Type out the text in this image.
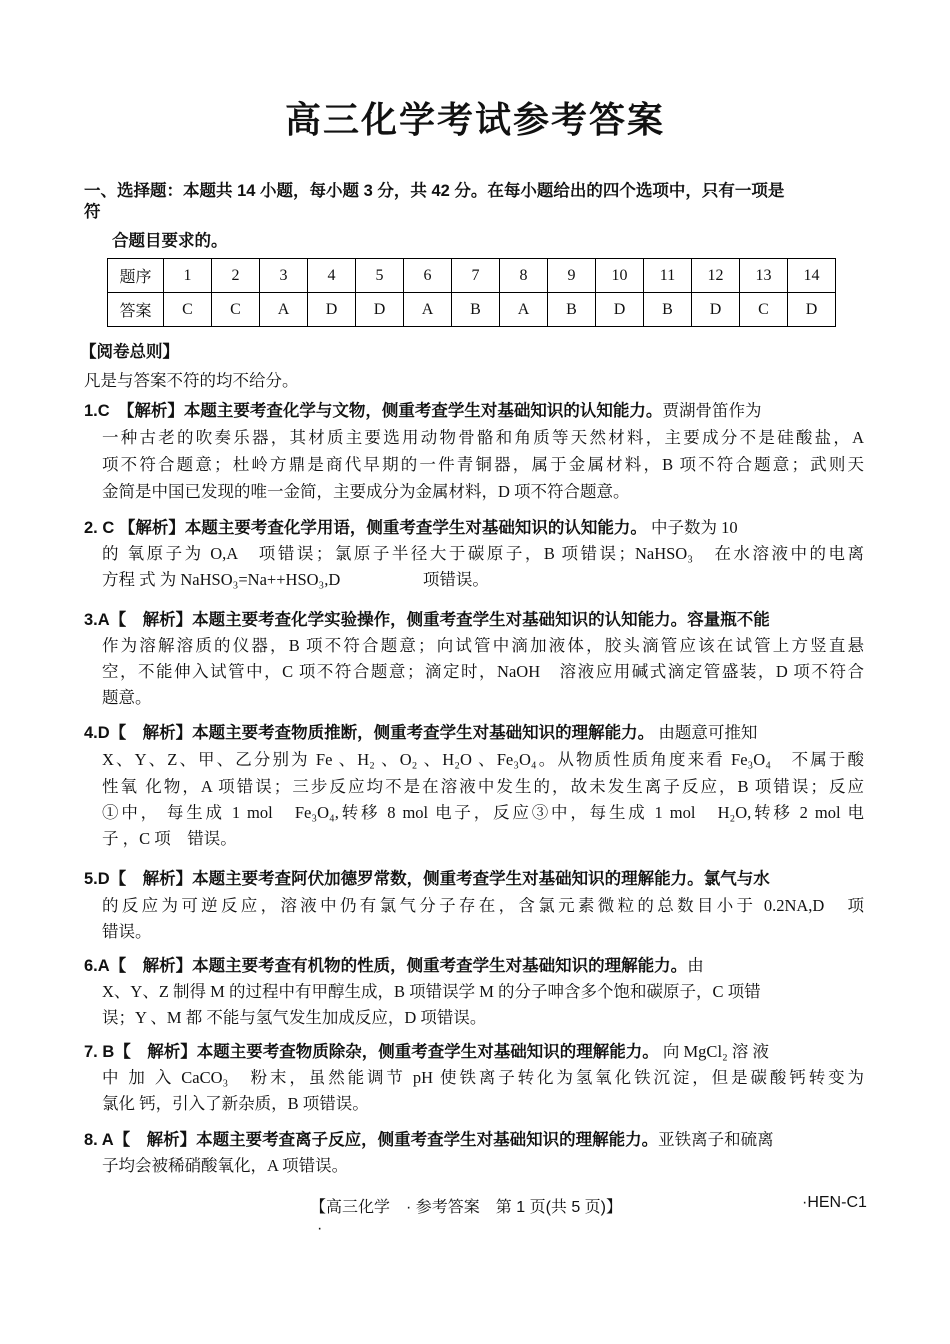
高三化学考试参考答案
一、选择题：本题共 14 小题，每小题 3 分，共 42 分。在每小题给出的四个选项中，只有一项是
符
合题目要求的。
题序	1	2	3	4	5	6	7	8	9	10	11	12	13	14
答案	C	C	A	D	D	A	B	A	B	D	B	D	C	D
【阅卷总则】
凡是与答案不符的均不给分。
1.C　【解析】本题主要考查化学与文物，侧重考查学生对基础知识的认知能力。贾湖骨笛作为
一种古老的吹奏乐器，其材质主要选用动物骨骼和角质等天然材料，主要成分不是硅酸盐，A
项不符合题意；杜岭方鼎是商代早期的一件青铜器，属于金属材料，B 项不符合题意；武则天
金简是中国已发现的唯一金简，主要成分为金属材料，D 项不符合题意。
2. C 【解析】本题主要考查化学用语，侧重考查学生对基础知识的认知能力。 中子数为 10
的 氧原子为 O,A　项错误；氯原子半径大于碳原子，B 项错误；NaHSO₃　在水溶液中的电离
方程 式 为 NaHSO₃=Na++HSO₃,D　　　　　项错误。
3.A【　解析】本题主要考查化学实验操作，侧重考查学生对基础知识的认知能力。容量瓶不能
作为溶解溶质的仪器，B 项不符合题意；向试管中滴加液体，胶头滴管应该在试管上方竖直悬
空，不能伸入试管中，C 项不符合题意；滴定时，NaOH　溶液应用碱式滴定管盛装，D 项不符合
题意。
4.D【　解析】本题主要考查物质推断，侧重考查学生对基础知识的理解能力。 由题意可推知
X、Y、Z、甲、乙分别为 Fe 、H₂ 、O₂ 、H₂O 、Fe₃O₄。从物质性质角度来看 Fe₃O₄　不属于酸
性氧 化物，A 项错误；三步反应均不是在溶液中发生的，故未发生离子反应，B 项错误；反应
①中， 每生成 1 mol　Fe₃O₄,转移 8 mol 电子，反应③中，每生成 1 mol　H₂O,转移 2 mol 电
子 ，C 项　错误。
5.D【　解析】本题主要考查阿伏加德罗常数，侧重考查学生对基础知识的理解能力。氯气与水
的反应为可逆反应，溶液中仍有氯气分子存在，含氯元素微粒的总数目小于 0.2NA,D　项
错误。
6.A【　解析】本题主要考查有机物的性质，侧重考查学生对基础知识的理解能力。由
X、Y、Z 制得 M 的过程中有甲醇生成，B 项错误学 M 的分子呻含多个饱和碳原子，C 项错
误；Y 、M 都 不能与氢气发生加成反应，D 项错误。
7. B【　解析】本题主要考查物质除杂，侧重考查学生对基础知识的理解能力。 向 MgCl₂ 溶 液
中 加 入 CaCO₃　粉末，虽然能调节 pH 使铁离子转化为氢氧化铁沉淀，但是碳酸钙转变为
氯化 钙，引入了新杂质，B 项错误。
8. A【　解析】本题主要考查离子反应，侧重考查学生对基础知识的理解能力。亚铁离子和硫离
子均会被稀硝酸氧化，A 项错误。
【高三化学　· 参考答案　第 1 页(共 5 页)】	·HEN-C1
·
